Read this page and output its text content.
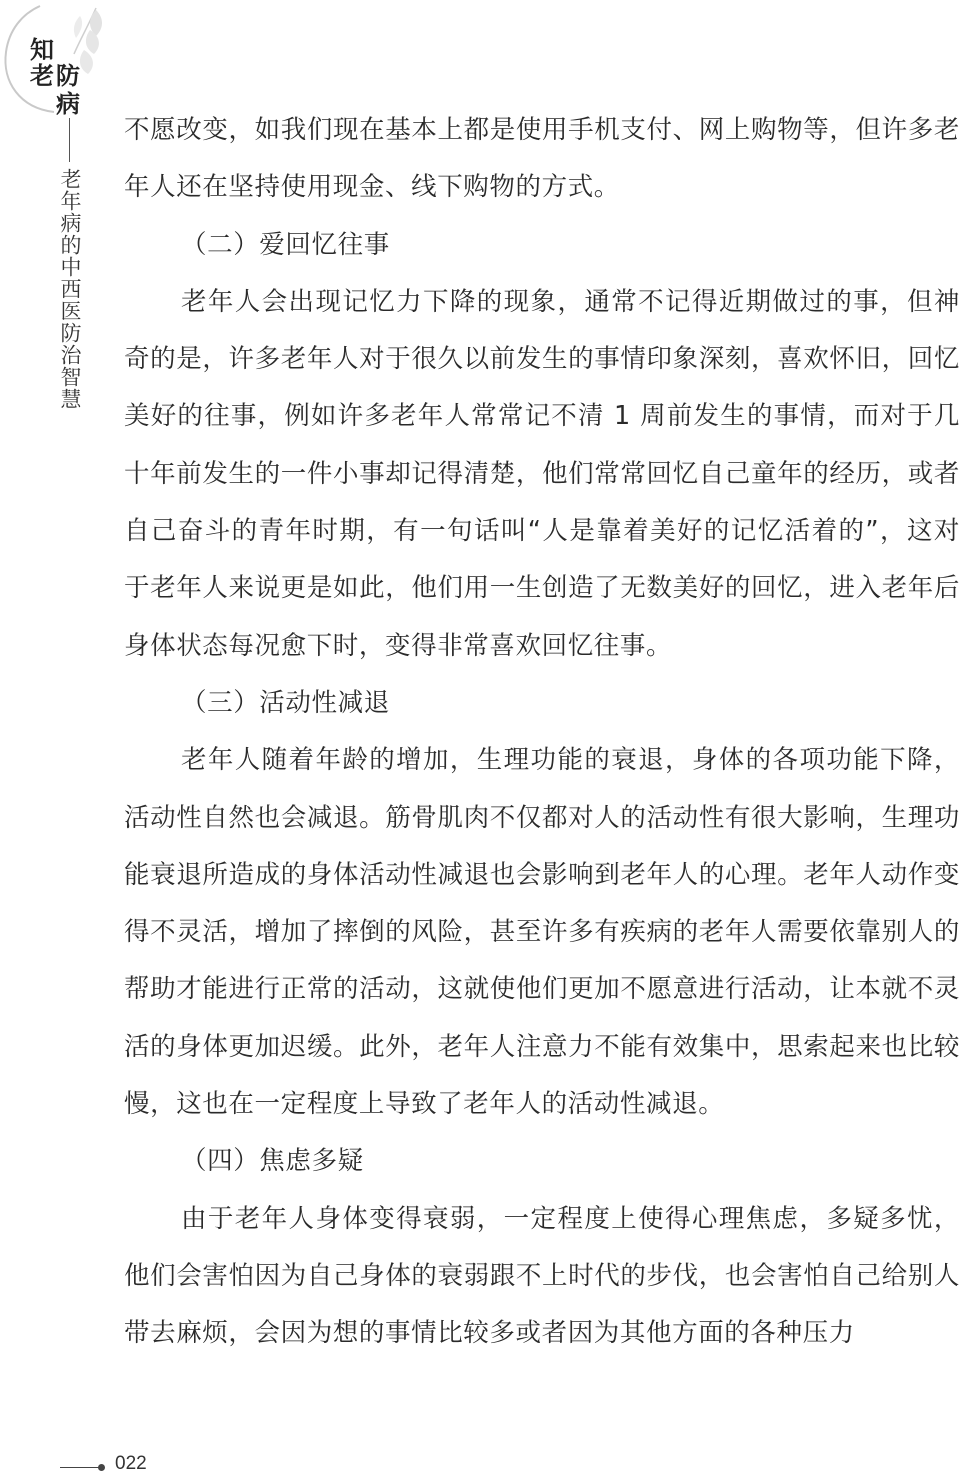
知
老 防
病
老年病的中西医防治智慧

不愿改变，如我们现在基本上都是使用手机支付、网上购物等，但许多老年人还在坚持使用现金、线下购物的方式。

（二）爱回忆往事

老年人会出现记忆力下降的现象，通常不记得近期做过的事，但神奇的是，许多老年人对于很久以前发生的事情印象深刻，喜欢怀旧，回忆美好的往事，例如许多老年人常常记不清 1 周前发生的事情，而对于几十年前发生的一件小事却记得清楚，他们常常回忆自己童年的经历，或者自己奋斗的青年时期，有一句话叫“人是靠着美好的记忆活着的”，这对于老年人来说更是如此，他们用一生创造了无数美好的回忆，进入老年后身体状态每况愈下时，变得非常喜欢回忆往事。

（三）活动性减退

老年人随着年龄的增加，生理功能的衰退，身体的各项功能下降，活动性自然也会减退。筋骨肌肉不仅都对人的活动性有很大影响，生理功能衰退所造成的身体活动性减退也会影响到老年人的心理。老年人动作变得不灵活，增加了摔倒的风险，甚至许多有疾病的老年人需要依靠别人的帮助才能进行正常的活动，这就使他们更加不愿意进行活动，让本就不灵活的身体更加迟缓。此外，老年人注意力不能有效集中，思索起来也比较慢，这也在一定程度上导致了老年人的活动性减退。

（四）焦虑多疑

由于老年人身体变得衰弱，一定程度上使得心理焦虑，多疑多忧，他们会害怕因为自己身体的衰弱跟不上时代的步伐，也会害怕自己给别人带去麻烦，会因为想的事情比较多或者因为其他方面的各种压力

022
